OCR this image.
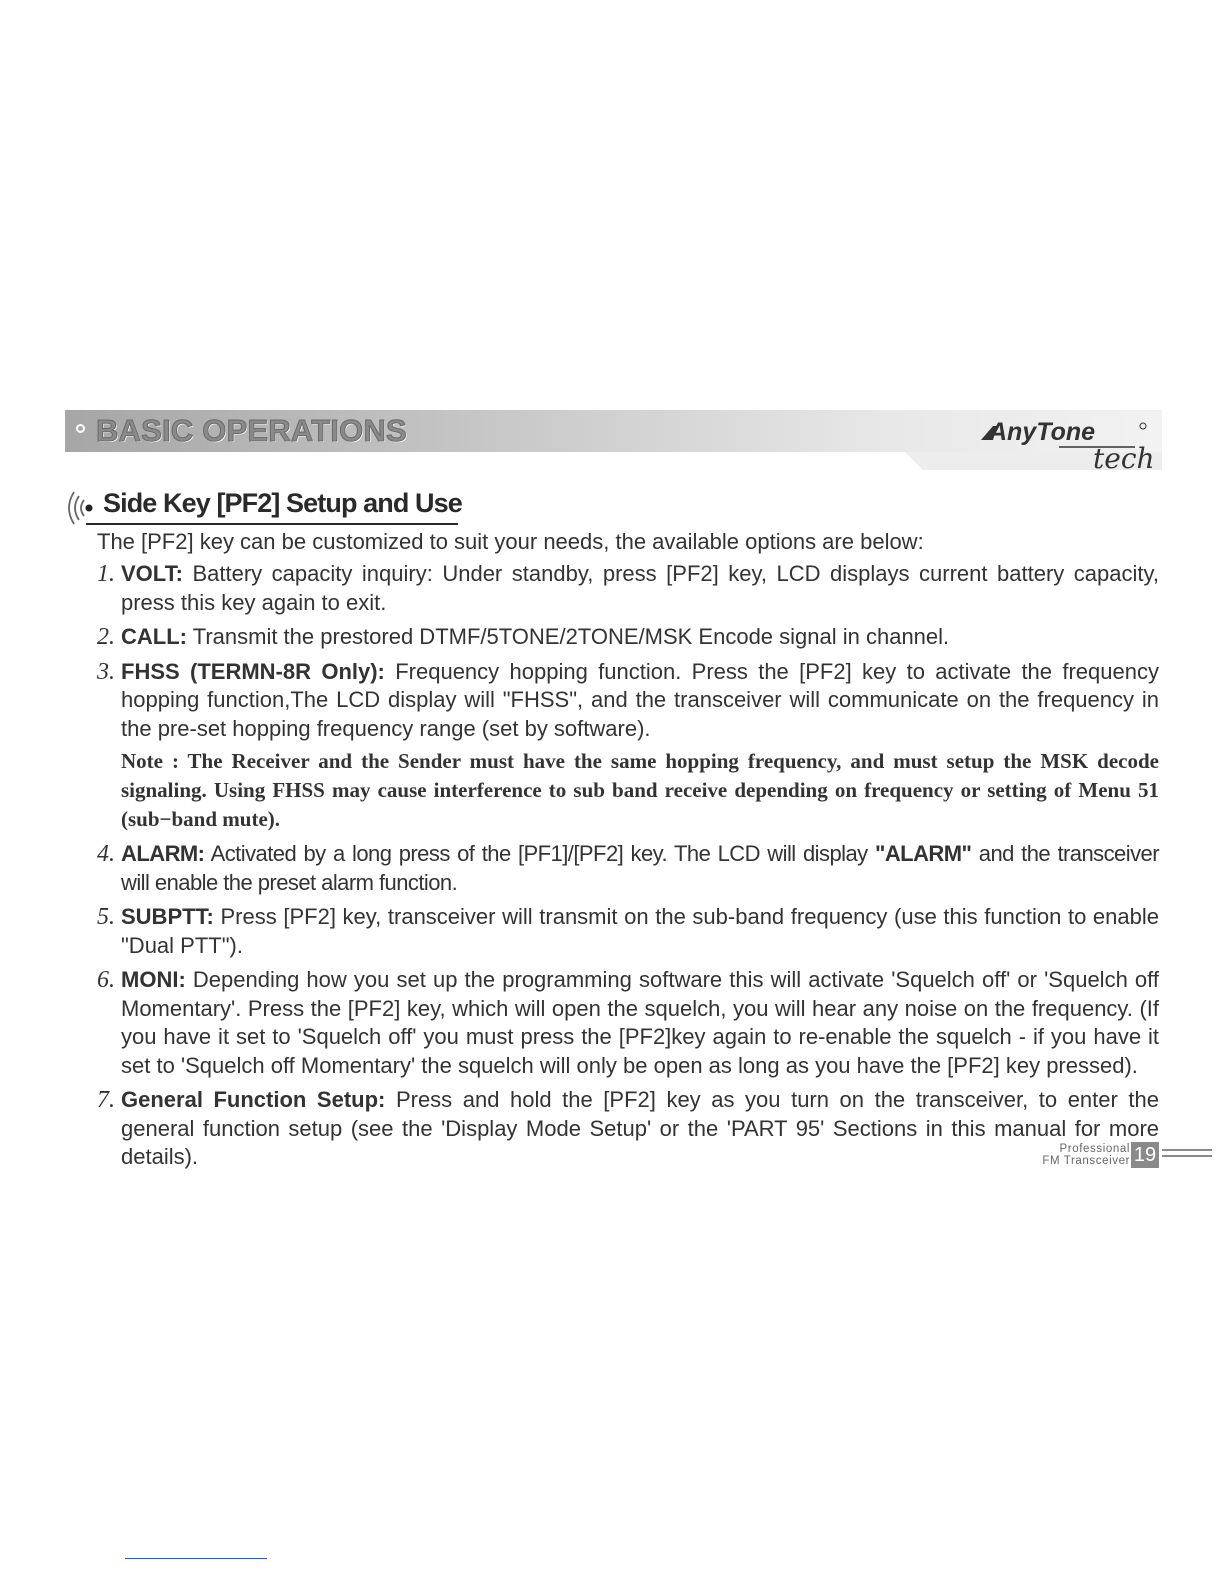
BASIC OPERATIONS	AnyTone
tech
Side Key [PF2] Setup and Use

The [PF2] key can be customized to suit your needs, the available options are below:

1. VOLT: Battery capacity inquiry: Under standby, press [PF2] key, LCD displays current battery capacity, press this key again to exit.
2. CALL: Transmit the prestored DTMF/5TONE/2TONE/MSK Encode signal in channel.
3. FHSS (TERMN-8R Only): Frequency hopping function. Press the [PF2] key to activate the frequency hopping function,The LCD display will "FHSS", and the transceiver will communicate on the frequency in the pre-set hopping frequency range (set by software).
Note : The Receiver and the Sender must have the same hopping frequency, and must setup the MSK decode signaling. Using FHSS may cause interference to sub band receive depending on frequency or setting of Menu 51 (sub−band mute).
4. ALARM: Activated by a long press of the [PF1]/[PF2] key. The LCD will display "ALARM" and the transceiver will enable the preset alarm function.
5. SUBPTT: Press [PF2] key, transceiver will transmit on the sub-band frequency (use this function to enable "Dual PTT").
6. MONI: Depending how you set up the programming software this will activate 'Squelch off' or 'Squelch off Momentary'. Press the [PF2] key, which will open the squelch, you will hear any noise on the frequency. (If you have it set to 'Squelch off' you must press the [PF2]key again to re-enable the squelch - if you have it set to 'Squelch off Momentary' the squelch will only be open as long as you have the [PF2] key pressed).
7. General Function Setup: Press and hold the [PF2] key as you turn on the transceiver, to enter the general function setup (see the 'Display Mode Setup' or the 'PART 95' Sections in this manual for more details).	Professional
FM Transceiver 19
